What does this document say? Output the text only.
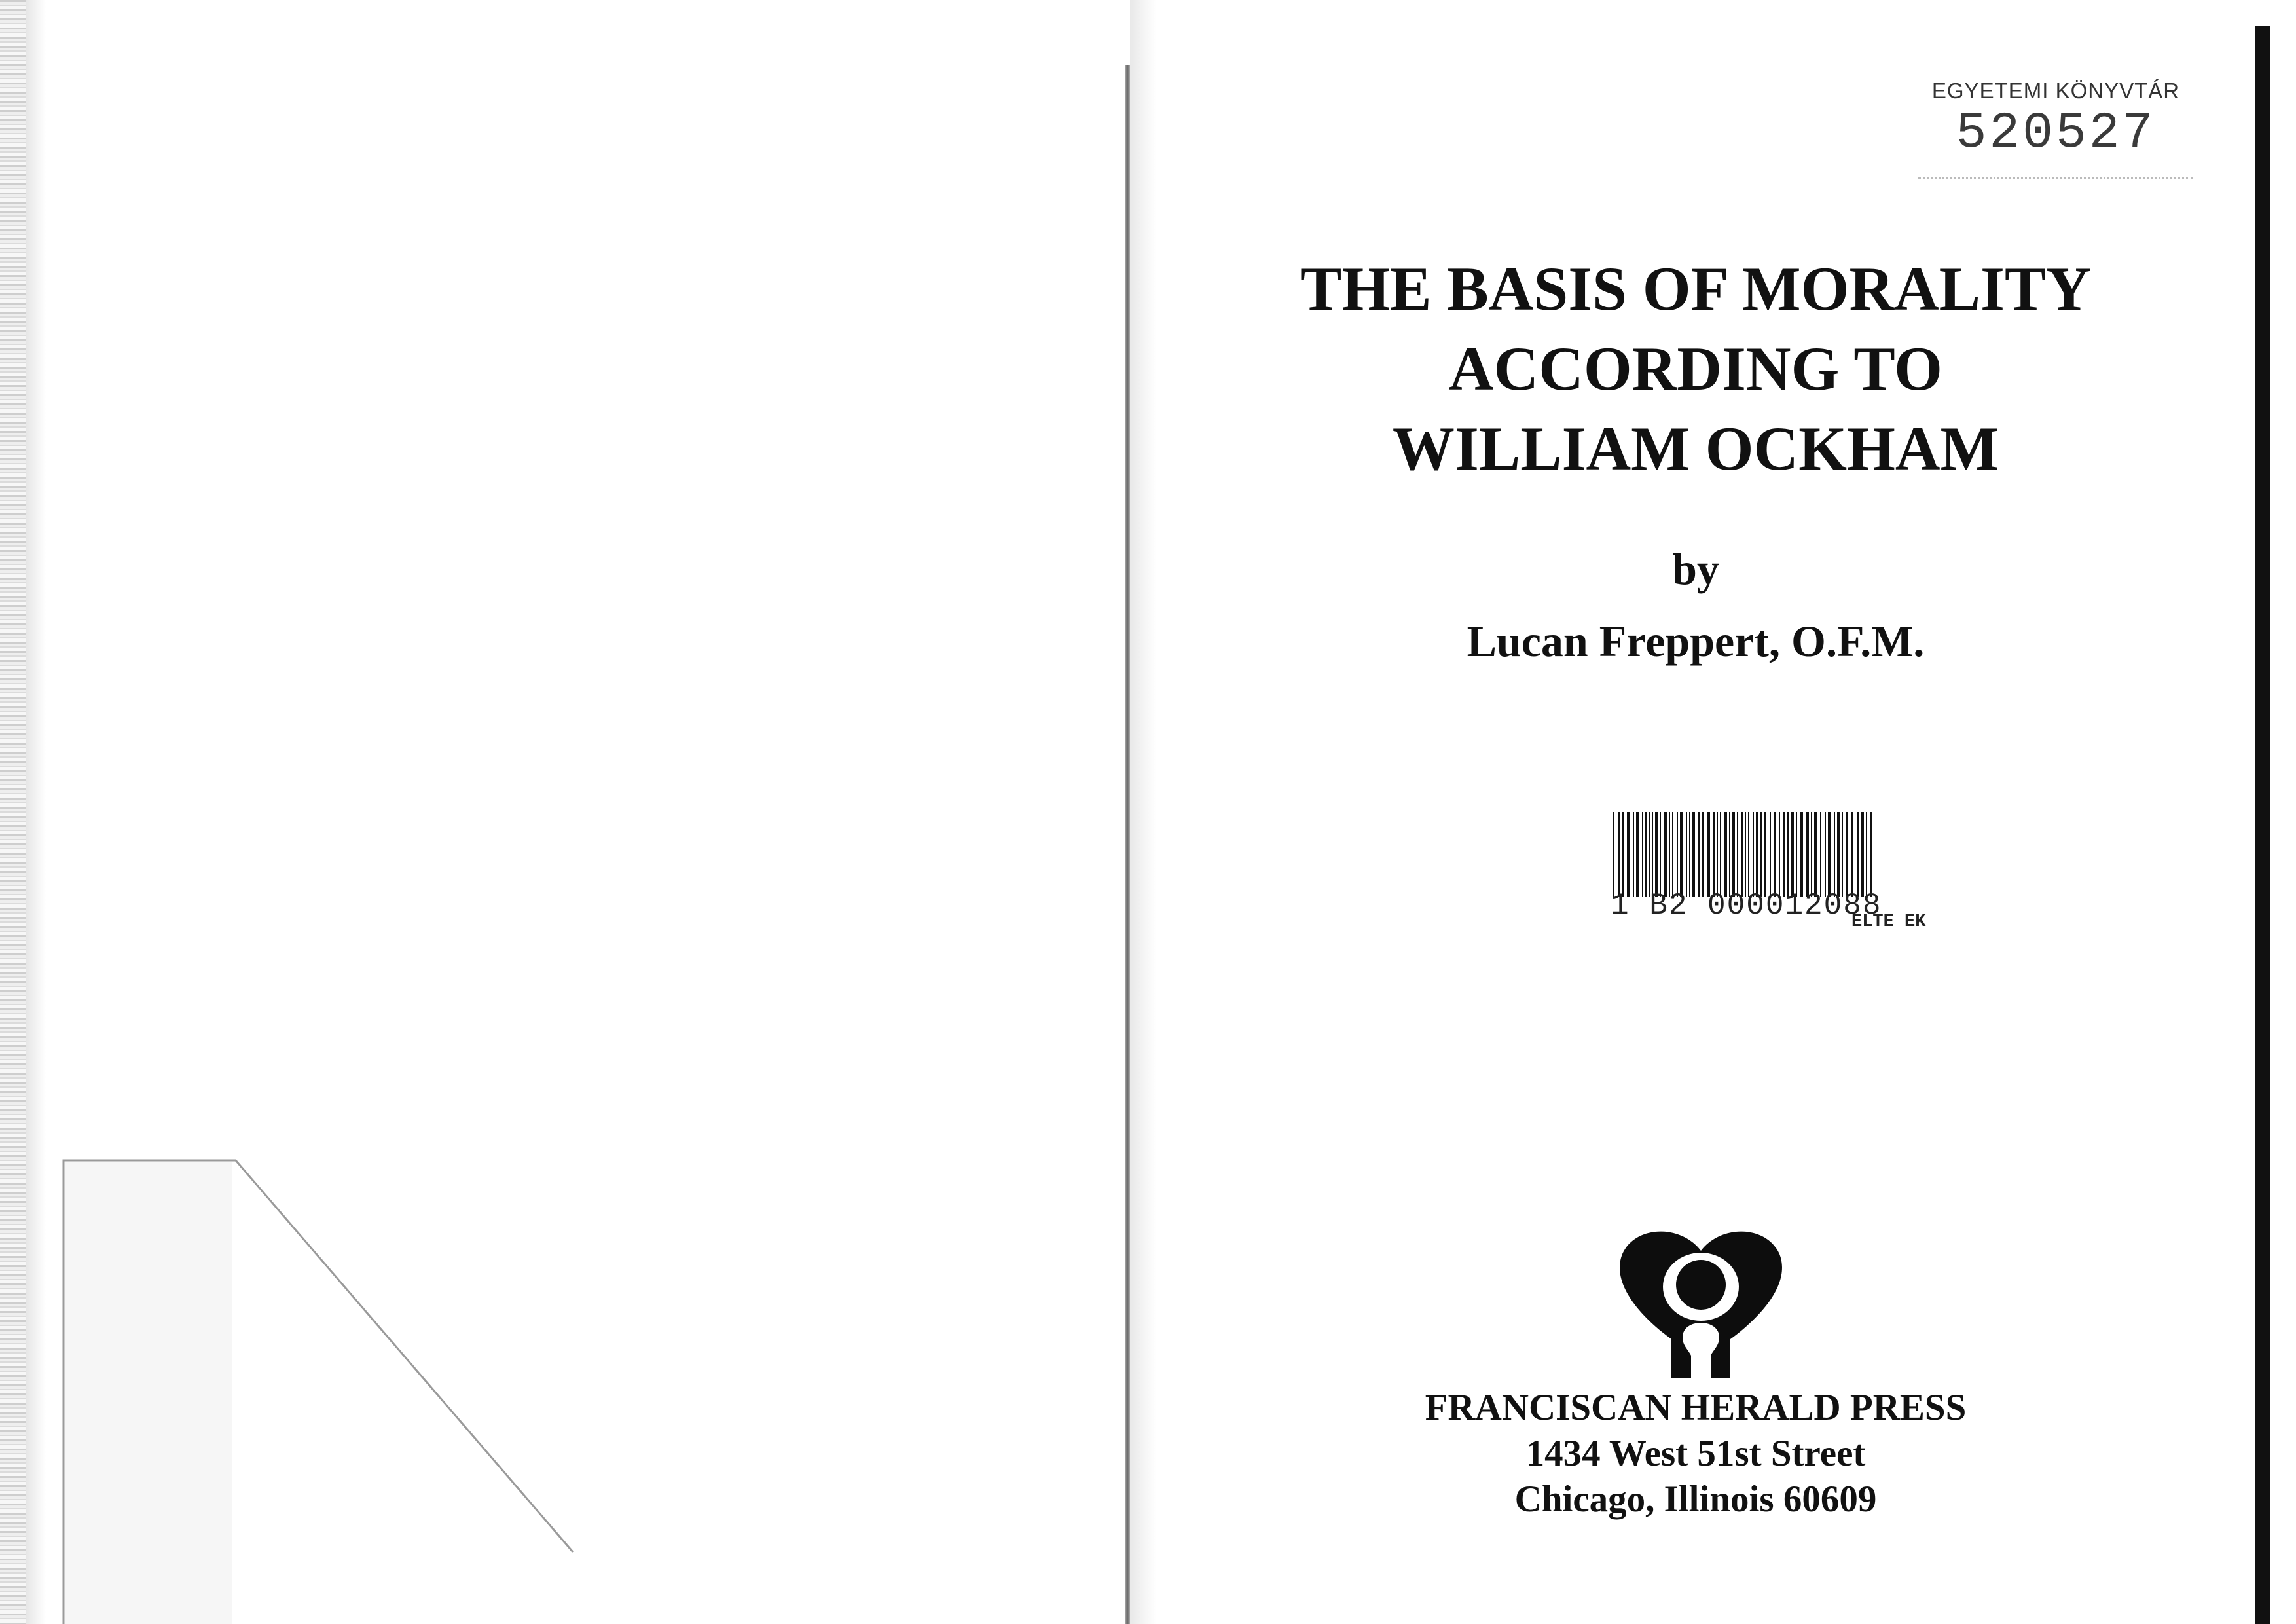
EGYETEMI KÖNYVTÁR
520527
THE BASIS OF MORALITY
ACCORDING TO
WILLIAM OCKHAM
by
Lucan Freppert, O.F.M.
1 B2 000012088
ELTE EK
FRANCISCAN HERALD PRESS
1434 West 51st Street
Chicago, Illinois 60609
